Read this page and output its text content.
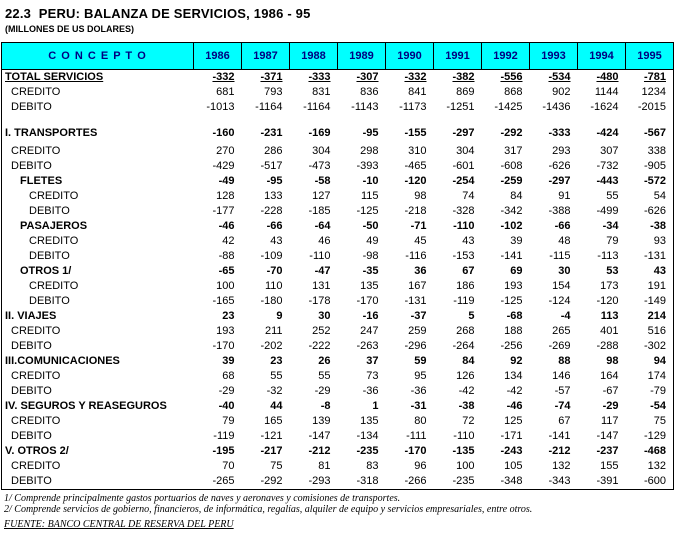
22.3  PERU: BALANZA DE SERVICIOS, 1986 - 95
(MILLONES DE US DOLARES)
C O N C E P T O	1986	1987	1988	1989	1990	1991	1992	1993	1994	1995
TOTAL SERVICIOS	-332	-371	-333	-307	-332	-382	-556	-534	-480	-781
CREDITO	681	793	831	836	841	869	868	902	1144	1234
DEBITO	-1013	-1164	-1164	-1143	-1173	-1251	-1425	-1436	-1624	-2015
I. TRANSPORTES	-160	-231	-169	-95	-155	-297	-292	-333	-424	-567
CREDITO	270	286	304	298	310	304	317	293	307	338
DEBITO	-429	-517	-473	-393	-465	-601	-608	-626	-732	-905
FLETES	-49	-95	-58	-10	-120	-254	-259	-297	-443	-572
CREDITO	128	133	127	115	98	74	84	91	55	54
DEBITO	-177	-228	-185	-125	-218	-328	-342	-388	-499	-626
PASAJEROS	-46	-66	-64	-50	-71	-110	-102	-66	-34	-38
CREDITO	42	43	46	49	45	43	39	48	79	93
DEBITO	-88	-109	-110	-98	-116	-153	-141	-115	-113	-131
OTROS 1/	-65	-70	-47	-35	36	67	69	30	53	43
CREDITO	100	110	131	135	167	186	193	154	173	191
DEBITO	-165	-180	-178	-170	-131	-119	-125	-124	-120	-149
II. VIAJES	23	9	30	-16	-37	5	-68	-4	113	214
CREDITO	193	211	252	247	259	268	188	265	401	516
DEBITO	-170	-202	-222	-263	-296	-264	-256	-269	-288	-302
III.COMUNICACIONES	39	23	26	37	59	84	92	88	98	94
CREDITO	68	55	55	73	95	126	134	146	164	174
DEBITO	-29	-32	-29	-36	-36	-42	-42	-57	-67	-79
IV. SEGUROS Y REASEGUROS	-40	44	-8	1	-31	-38	-46	-74	-29	-54
CREDITO	79	165	139	135	80	72	125	67	117	75
DEBITO	-119	-121	-147	-134	-111	-110	-171	-141	-147	-129
V. OTROS 2/	-195	-217	-212	-235	-170	-135	-243	-212	-237	-468
CREDITO	70	75	81	83	96	100	105	132	155	132
DEBITO	-265	-292	-293	-318	-266	-235	-348	-343	-391	-600
1/ Comprende principalmente gastos portuarios de naves y aeronaves y comisiones de transportes.
2/ Comprende servicios de gobierno, financieros, de informática, regalías, alquiler de equipo y servicios empresariales, entre otros.
FUENTE: BANCO CENTRAL DE RESERVA DEL PERU
